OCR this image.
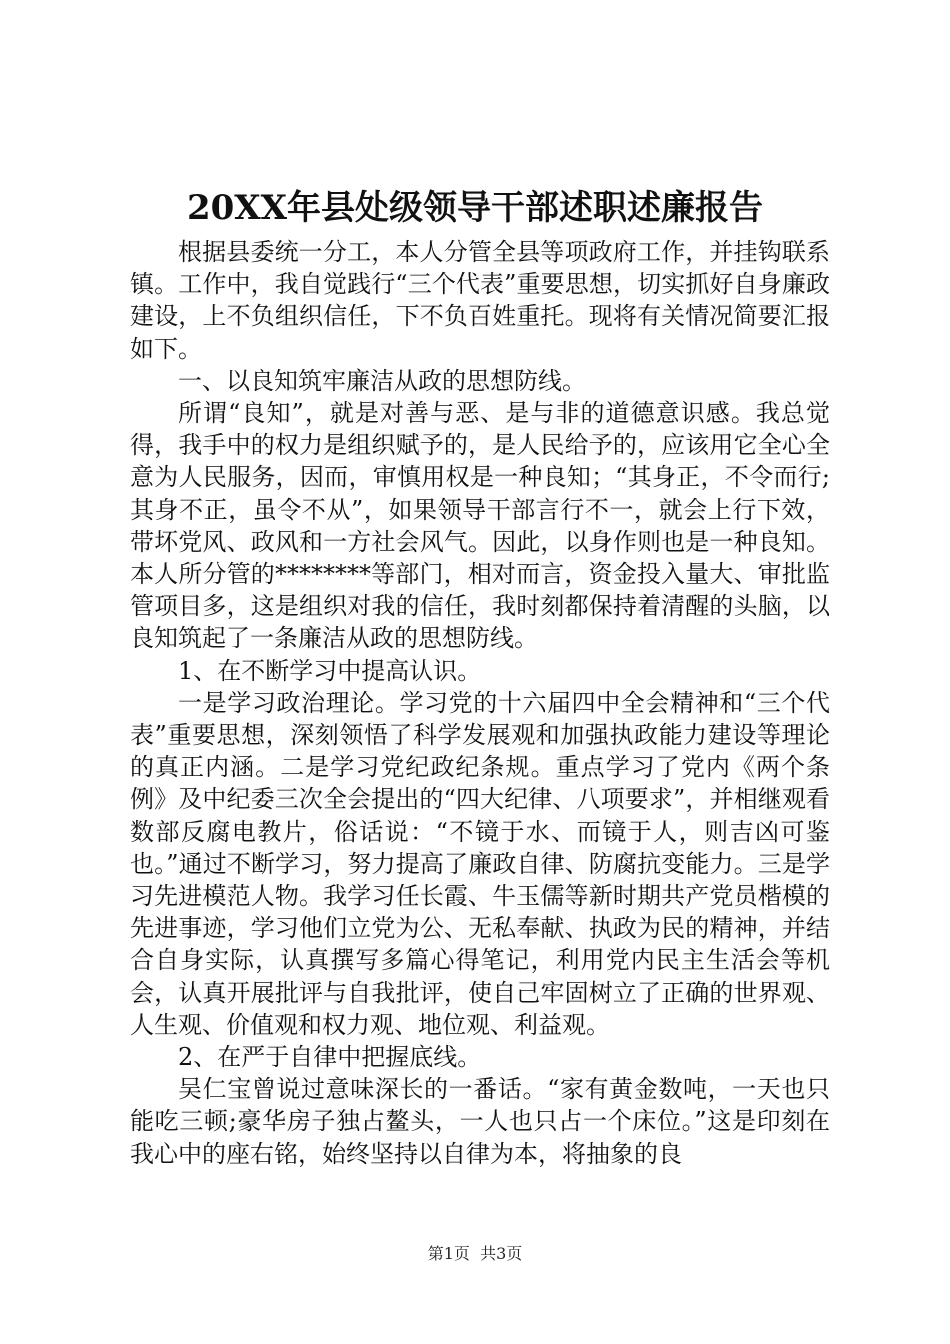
20XX年县处级领导干部述职述廉报告

根据县委统一分工，本人分管全县等项政府工作，并挂钩联系镇。工作中，我自觉践行“三个代表”重要思想，切实抓好自身廉政建设，上不负组织信任，下不负百姓重托。现将有关情况简要汇报如下。

一、以良知筑牢廉洁从政的思想防线。

所谓“良知”，就是对善与恶、是与非的道德意识感。我总觉得，我手中的权力是组织赋予的，是人民给予的，应该用它全心全意为人民服务，因而，审慎用权是一种良知；“其身正，不令而行;其身不正，虽令不从”，如果领导干部言行不一，就会上行下效，带坏党风、政风和一方社会风气。因此，以身作则也是一种良知。本人所分管的********等部门，相对而言，资金投入量大、审批监管项目多，这是组织对我的信任，我时刻都保持着清醒的头脑，以良知筑起了一条廉洁从政的思想防线。

1、在不断学习中提高认识。

一是学习政治理论。学习党的十六届四中全会精神和“三个代表”重要思想，深刻领悟了科学发展观和加强执政能力建设等理论的真正内涵。二是学习党纪政纪条规。重点学习了党内《两个条例》及中纪委三次全会提出的“四大纪律、八项要求”，并相继观看数部反腐电教片，俗话说：“不镜于水、而镜于人，则吉凶可鉴也。”通过不断学习，努力提高了廉政自律、防腐抗变能力。三是学习先进模范人物。我学习任长霞、牛玉儒等新时期共产党员楷模的先进事迹，学习他们立党为公、无私奉献、执政为民的精神，并结合自身实际，认真撰写多篇心得笔记，利用党内民主生活会等机会，认真开展批评与自我批评，使自己牢固树立了正确的世界观、人生观、价值观和权力观、地位观、利益观。

2、在严于自律中把握底线。

吴仁宝曾说过意味深长的一番话。“家有黄金数吨，一天也只能吃三顿;豪华房子独占鳌头，一人也只占一个床位。”这是印刻在我心中的座右铭，始终坚持以自律为本，将抽象的良

第1页  共3页
